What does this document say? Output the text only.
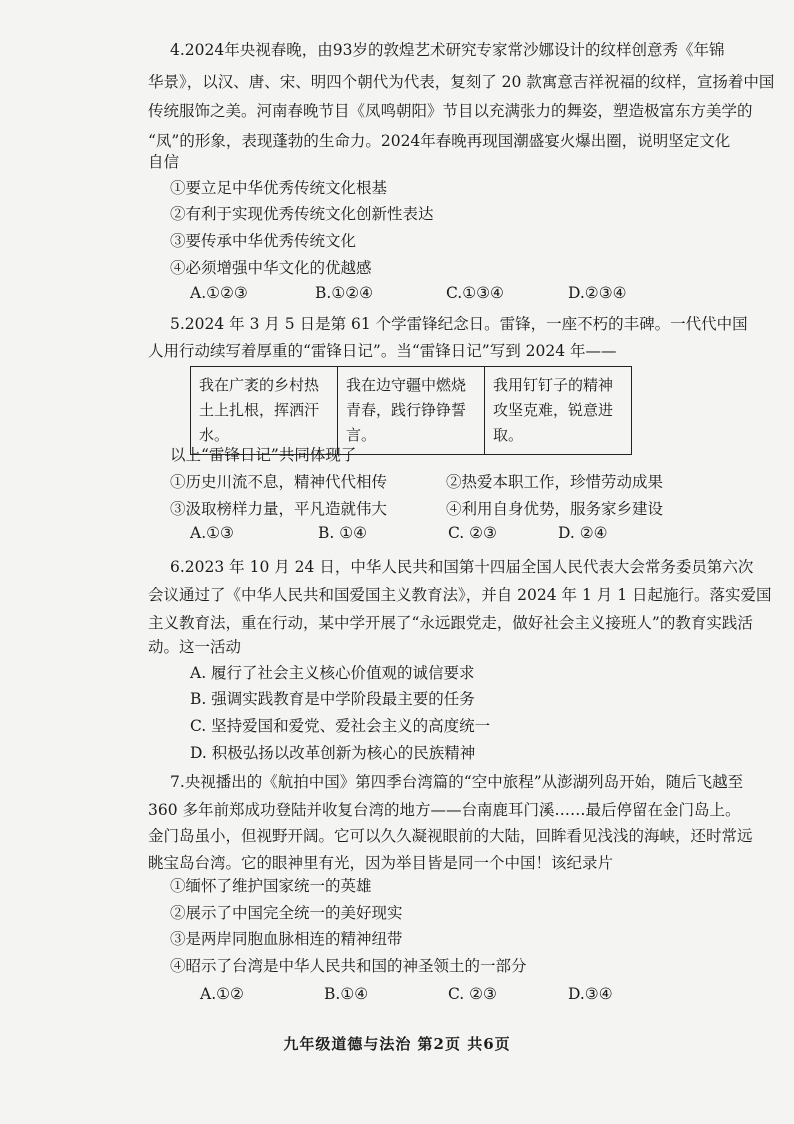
4.2024年央视春晚，由93岁的敦煌艺术研究专家常沙娜设计的纹样创意秀《年锦
华景》，以汉、唐、宋、明四个朝代为代表，复刻了 20 款寓意吉祥祝福的纹样，宣扬着中国
传统服饰之美。河南春晚节目《凤鸣朝阳》节目以充满张力的舞姿，塑造极富东方美学的
“凤”的形象，表现蓬勃的生命力。2024年春晚再现国潮盛宴火爆出圈，说明坚定文化
自信
①要立足中华优秀传统文化根基
②有利于实现优秀传统文化创新性表达
③要传承中华优秀传统文化
④必须增强中华文化的优越感
A.①②③	B.①②④	C.①③④	D.②③④
5.2024 年 3 月 5 日是第 61 个学雷锋纪念日。雷锋，一座不朽的丰碑。一代代中国
人用行动续写着厚重的“雷锋日记”。当“雷锋日记”写到 2024 年——
我在广袤的乡村热土上扎根，挥洒汗水。	我在边守疆中燃烧青春，践行铮铮誓言。	我用钉钉子的精神攻坚克难，锐意进取。
以上“雷锋日记”共同体现了
①历史川流不息，精神代代相传	②热爱本职工作，珍惜劳动成果
③汲取榜样力量，平凡造就伟大	④利用自身优势，服务家乡建设
A.①③	B. ①④	C. ②③	D. ②④
6.2023 年 10 月 24 日，中华人民共和国第十四届全国人民代表大会常务委员第六次
会议通过了《中华人民共和国爱国主义教育法》，并自 2024 年 1 月 1 日起施行。落实爱国
主义教育法，重在行动，某中学开展了“永远跟党走，做好社会主义接班人”的教育实践活
动。这一活动
A. 履行了社会主义核心价值观的诚信要求
B. 强调实践教育是中学阶段最主要的任务
C. 坚持爱国和爱党、爱社会主义的高度统一
D. 积极弘扬以改革创新为核心的民族精神
7.央视播出的《航拍中国》第四季台湾篇的“空中旅程”从澎湖列岛开始，随后飞越至
360 多年前郑成功登陆并收复台湾的地方——台南鹿耳门溪……最后停留在金门岛上。
金门岛虽小，但视野开阔。它可以久久凝视眼前的大陆，回眸看见浅浅的海峡，还时常远
眺宝岛台湾。它的眼神里有光，因为举目皆是同一个中国！该纪录片
①缅怀了维护国家统一的英雄
②展示了中国完全统一的美好现实
③是两岸同胞血脉相连的精神纽带
④昭示了台湾是中华人民共和国的神圣领土的一部分
A.①②	B.①④	C. ②③	D.③④
九年级道德与法治 第2页 共6页
